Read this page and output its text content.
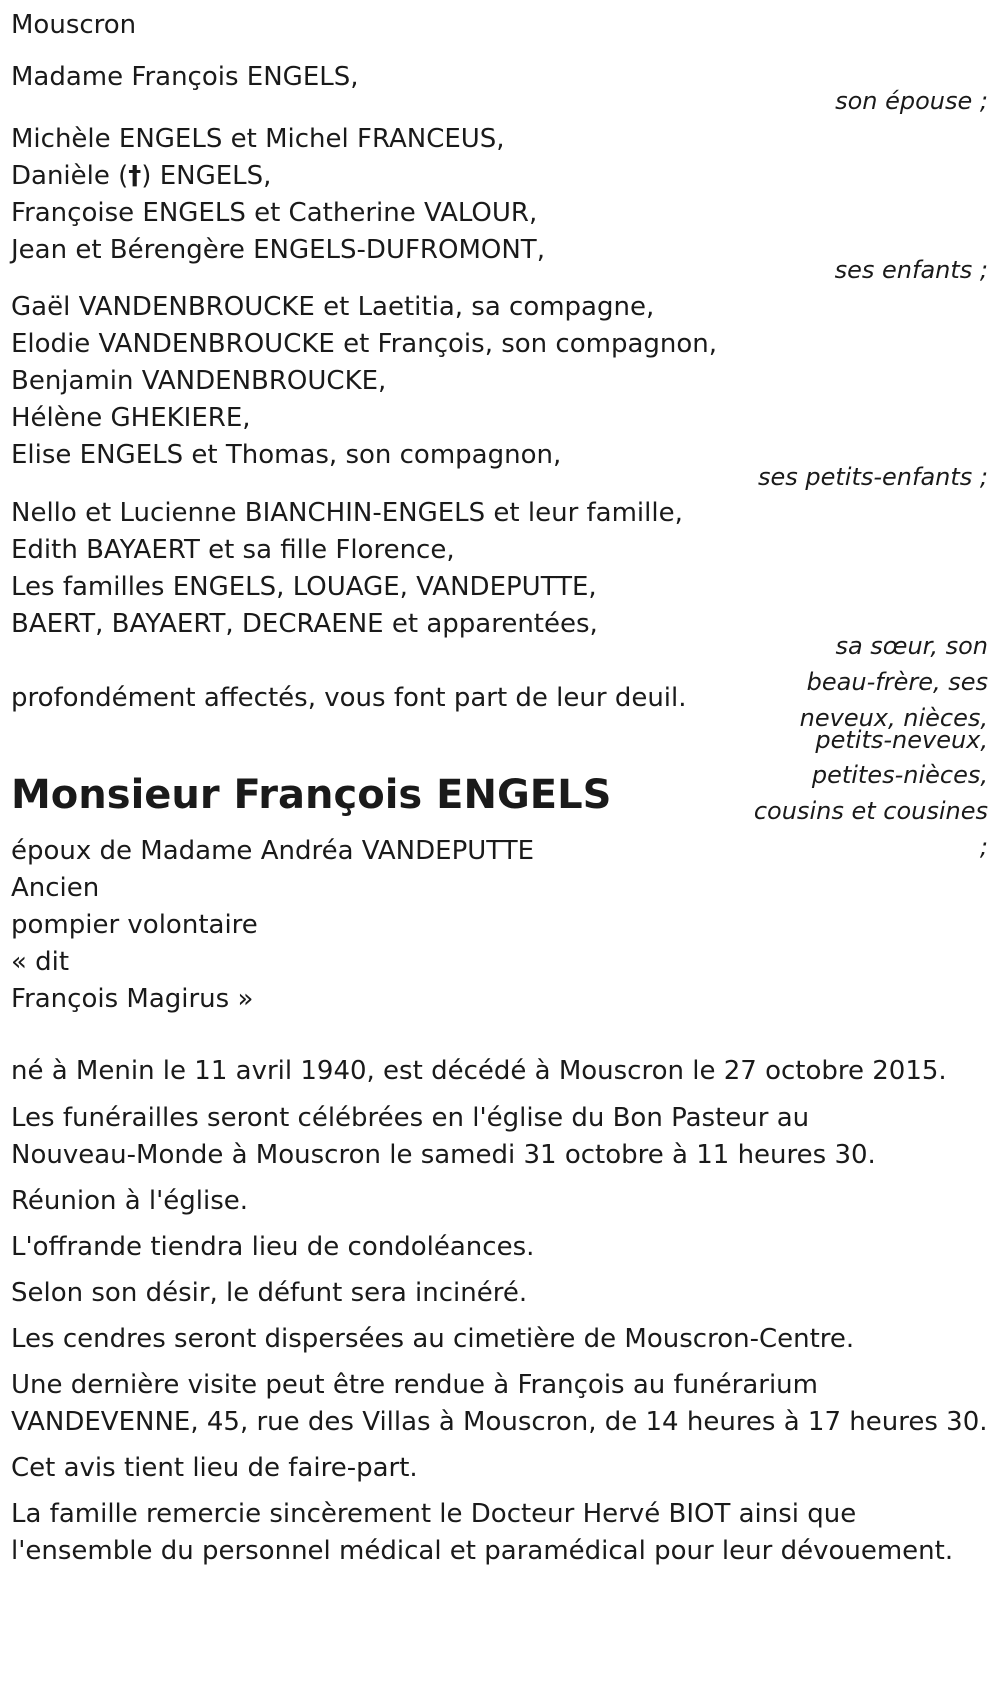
Mouscron
Madame François ENGELS,
son épouse ;
Michèle ENGELS et Michel FRANCEUS,
Danièle (†) ENGELS,
Françoise ENGELS et Catherine VALOUR,
Jean et Bérengère ENGELS-DUFROMONT,
ses enfants ;
Gaël VANDENBROUCKE et Laetitia, sa compagne,
Elodie VANDENBROUCKE et François, son compagnon,
Benjamin VANDENBROUCKE,
Hélène GHEKIERE,
Elise ENGELS et Thomas, son compagnon,
ses petits-enfants ;
Nello et Lucienne BIANCHIN-ENGELS et leur famille,
Edith BAYAERT et sa fille Florence,
Les familles ENGELS, LOUAGE, VANDEPUTTE,
BAERT, BAYAERT, DECRAENE et apparentées,
sa sœur, son
beau-frère, ses
neveux, nièces,
petits-neveux,
petites-nièces,
cousins et cousines
;
profondément affectés, vous font part de leur deuil.
Monsieur François ENGELS
époux de Madame Andréa VANDEPUTTE
Ancien
pompier volontaire
« dit
François Magirus »
né à Menin le 11 avril 1940, est décédé à Mouscron le 27 octobre 2015.
Les funérailles seront célébrées en l'église du Bon Pasteur au
Nouveau-Monde à Mouscron le samedi 31 octobre à 11 heures 30.
Réunion à l'église.
L'offrande tiendra lieu de condoléances.
Selon son désir, le défunt sera incinéré.
Les cendres seront dispersées au cimetière de Mouscron-Centre.
Une dernière visite peut être rendue à François au funérarium
VANDEVENNE, 45, rue des Villas à Mouscron, de 14 heures à 17 heures 30.
Cet avis tient lieu de faire-part.
La famille remercie sincèrement le Docteur Hervé BIOT ainsi que
l'ensemble du personnel médical et paramédical pour leur dévouement.
